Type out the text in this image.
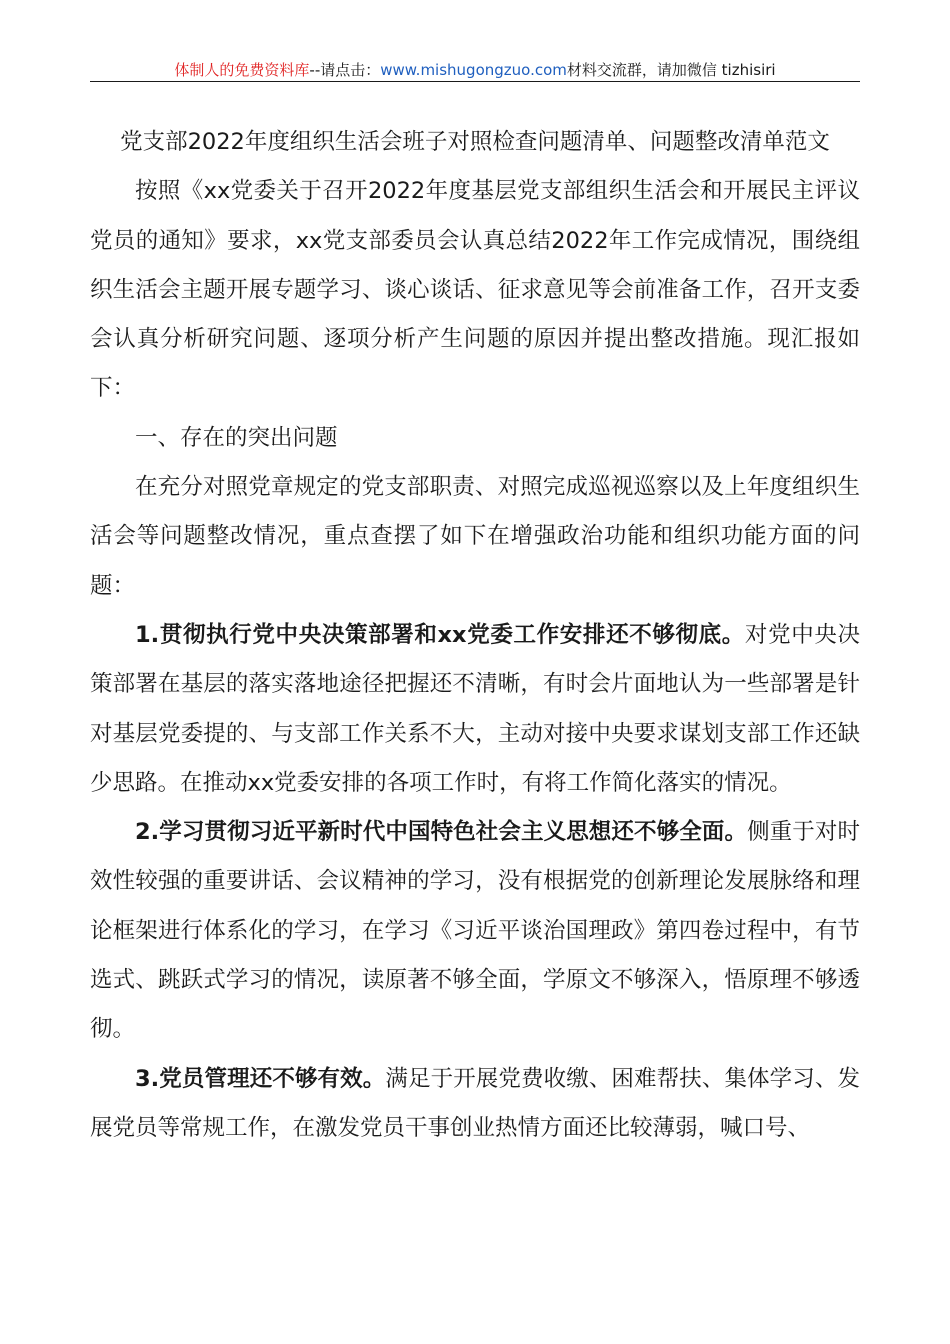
体制人的免费资料库--请点击：www.mishugongzuo.com材料交流群，请加微信 tizhisiri

党支部2022年度组织生活会班子对照检查问题清单、问题整改清单范文

按照《xx党委关于召开2022年度基层党支部组织生活会和开展民主评议党员的通知》要求，xx党支部委员会认真总结2022年工作完成情况，围绕组织生活会主题开展专题学习、谈心谈话、征求意见等会前准备工作，召开支委会认真分析研究问题、逐项分析产生问题的原因并提出整改措施。现汇报如下：

一、存在的突出问题

在充分对照党章规定的党支部职责、对照完成巡视巡察以及上年度组织生活会等问题整改情况，重点查摆了如下在增强政治功能和组织功能方面的问题：

1.贯彻执行党中央决策部署和xx党委工作安排还不够彻底。对党中央决策部署在基层的落实落地途径把握还不清晰，有时会片面地认为一些部署是针对基层党委提的、与支部工作关系不大，主动对接中央要求谋划支部工作还缺少思路。在推动xx党委安排的各项工作时，有将工作简化落实的情况。

2.学习贯彻习近平新时代中国特色社会主义思想还不够全面。侧重于对时效性较强的重要讲话、会议精神的学习，没有根据党的创新理论发展脉络和理论框架进行体系化的学习，在学习《习近平谈治国理政》第四卷过程中，有节选式、跳跃式学习的情况，读原著不够全面，学原文不够深入，悟原理不够透彻。

3.党员管理还不够有效。满足于开展党费收缴、困难帮扶、集体学习、发展党员等常规工作，在激发党员干事创业热情方面还比较薄弱，喊口号、
